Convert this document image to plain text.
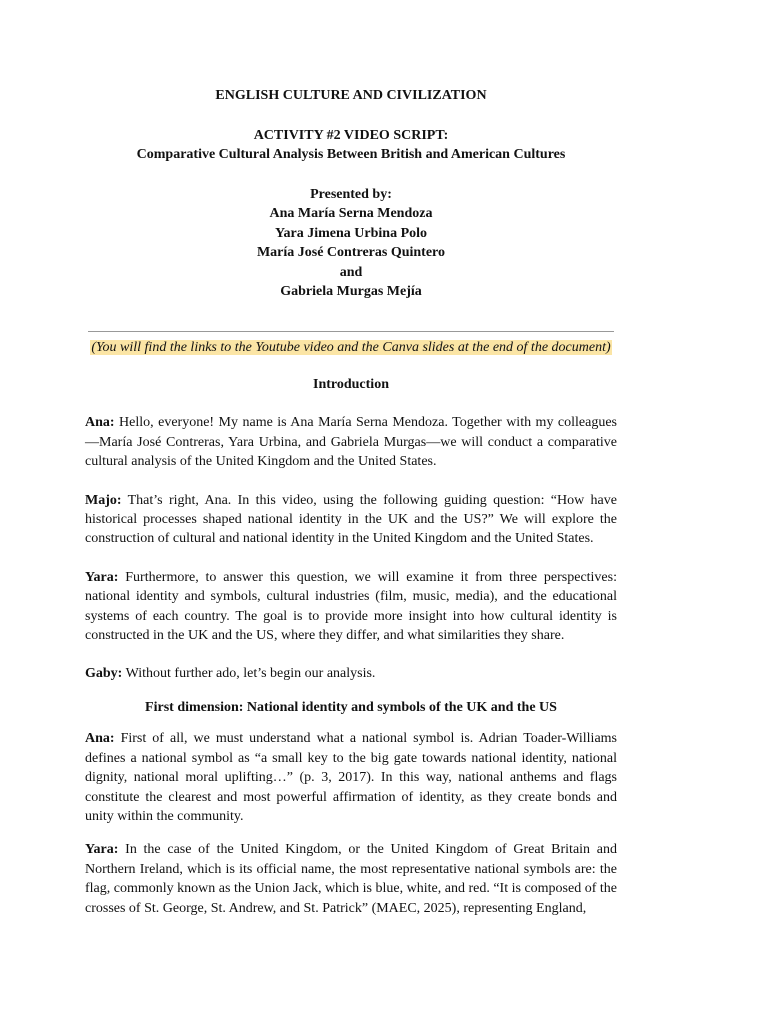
ENGLISH CULTURE AND CIVILIZATION
ACTIVITY #2 VIDEO SCRIPT:
Comparative Cultural Analysis Between British and American Cultures
Presented by:
Ana María Serna Mendoza
Yara Jimena Urbina Polo
María José Contreras Quintero
and
Gabriela Murgas Mejía
(You will find the links to the Youtube video and the Canva slides at the end of the document)
Introduction

Ana: Hello, everyone! My name is Ana María Serna Mendoza. Together with my colleagues—María José Contreras, Yara Urbina, and Gabriela Murgas—we will conduct a comparative cultural analysis of the United Kingdom and the United States.

Majo: That’s right, Ana. In this video, using the following guiding question: “How have historical processes shaped national identity in the UK and the US?” We will explore the construction of cultural and national identity in the United Kingdom and the United States.

Yara: Furthermore, to answer this question, we will examine it from three perspectives: national identity and symbols, cultural industries (film, music, media), and the educational systems of each country. The goal is to provide more insight into how cultural identity is constructed in the UK and the US, where they differ, and what similarities they share.

Gaby: Without further ado, let’s begin our analysis.

First dimension: National identity and symbols of the UK and the US

Ana: First of all, we must understand what a national symbol is. Adrian Toader-Williams defines a national symbol as “a small key to the big gate towards national identity, national dignity, national moral uplifting…” (p. 3, 2017). In this way, national anthems and flags constitute the clearest and most powerful affirmation of identity, as they create bonds and unity within the community.

Yara: In the case of the United Kingdom, or the United Kingdom of Great Britain and Northern Ireland, which is its official name, the most representative national symbols are: the flag, commonly known as the Union Jack, which is blue, white, and red. “It is composed of the crosses of St. George, St. Andrew, and St. Patrick” (MAEC, 2025), representing England,
